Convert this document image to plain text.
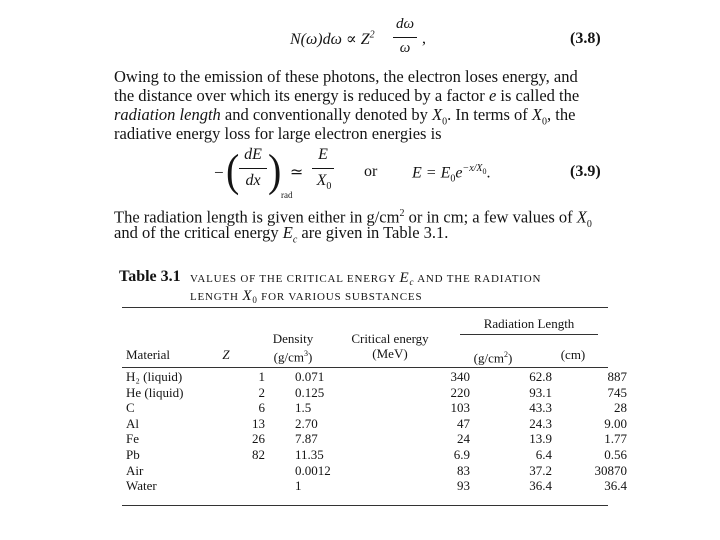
$N(\omega)d\omega \propto Z^2$
dω
ω
,	(3.8)
Owing to the emission of these photons, the electron loses energy, and
the distance over which its energy is reduced by a factor e is called the
radiation length and conventionally denoted by $X_0$. In terms of $X_0$, the
radiative energy loss for large electron energies is
− ( dE
dx ) rad
≃
E
$X_0$
or $E = E_0e^{-x/X_0}$.	(3.9)
The radiation length is given either in $g/cm^2$ or in cm; a few values of $X_0$
and of the critical energy $E_c$ are given in Table 3.1.
Table 3.1 VALUES OF THE CRITICAL ENERGY $E_c$ AND THE RADIATION
LENGTH $X_0$ FOR VARIOUS SUBSTANCES
Radiation Length
Density
$(g/cm^3)$
Critical energy
(MeV)
Material	Z	$(g/cm^2)$	(cm)
H₂ (liquid)	1	0.071	340	62.8	887
He (liquid)	2	0.125	220	93.1	745
C	6	1.5	103	43.3	28
Al	13	2.70	47	24.3	9.00
Fe	26	7.87	24	13.9	1.77
Pb	82	11.35	6.9	6.4	0.56
Air		0.0012	83	37.2	30870
Water		1	93	36.4	36.4
